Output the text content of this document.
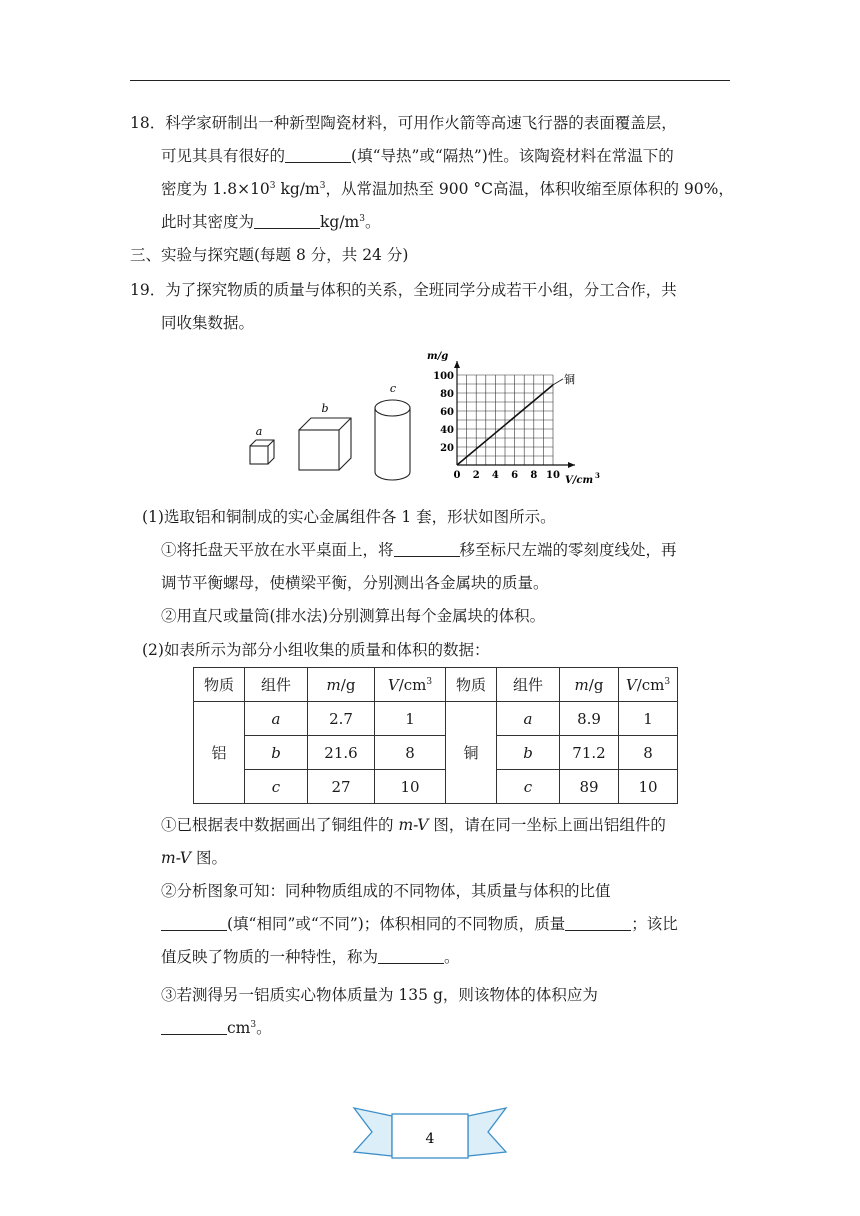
18．科学家研制出一种新型陶瓷材料，可用作火箭等高速飞行器的表面覆盖层，
可见其具有很好的	(填“导热”或“隔热”)性。该陶瓷材料在常温下的
密度为 $1.8\times 10^3$ $kg/m^3$，从常温加热至 900 °C高温，体积收缩至原体积的 90%，
此时其密度为	$kg/m^3$。
三、实验与探究题(每题 8 分，共 24 分)
19．为了探究物质的质量与体积的关系，全班同学分成若干小组，分工合作，共
同收集数据。
a
b
c
0 2 4 6 8 10
20
40
60
80
100	铜
m/g
V/cm 3
(1)选取铝和铜制成的实心金属组件各 1 套，形状如图所示。
①将托盘天平放在水平桌面上，将	移至标尺左端的零刻度线处，再
调节平衡螺母，使横梁平衡，分别测出各金属块的质量。
②用直尺或量筒(排水法)分别测算出每个金属块的体积。
(2)如表所示为部分小组收集的质量和体积的数据：
物质	组件	m/g	$V/cm^3$	物质	组件	m/g	$V/cm^3$
铝	a	2.7	1	铜	a	8.9	1
	b	21.6	8		b	71.2	8
	c	27	10		c	89	10
①已根据表中数据画出了铜组件的 m-V 图，请在同一坐标上画出铝组件的
m-V 图。
②分析图象可知：同种物质组成的不同物体，其质量与体积的比值
(填“相同”或“不同”)；体积相同的不同物质，质量	；该比
值反映了物质的一种特性，称为	。
③若测得另一铝质实心物体质量为 135 g，则该物体的体积应为
$cm^3$。
4
